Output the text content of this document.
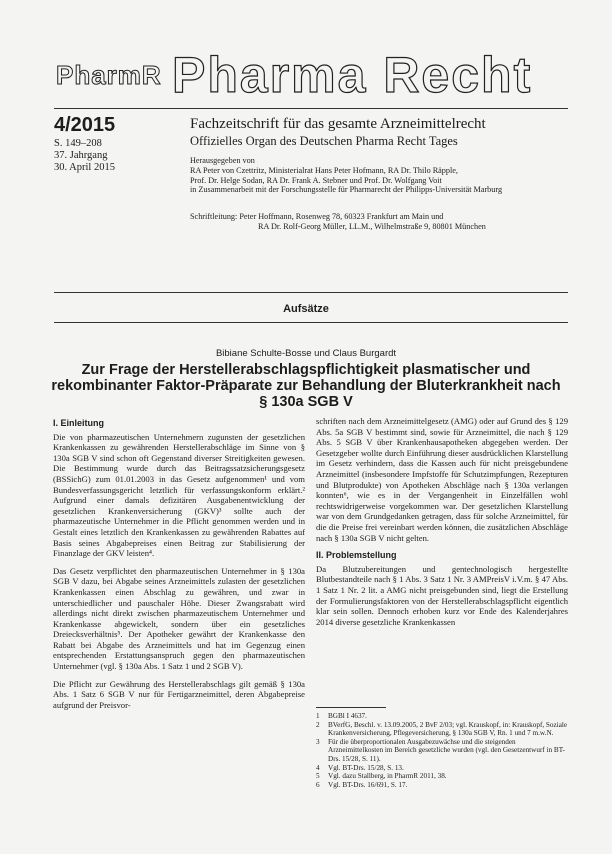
PharmR Pharma Recht
4/2015
S. 149–208
37. Jahrgang
30. April 2015
Fachzeitschrift für das gesamte Arzneimittelrecht
Offizielles Organ des Deutschen Pharma Recht Tages
Herausgegeben von
RA Peter von Czettritz, Ministerialrat Hans Peter Hofmann, RA Dr. Thilo Räpple,
Prof. Dr. Helge Sodan, RA Dr. Frank A. Stebner und Prof. Dr. Wolfgang Voit
in Zusammenarbeit mit der Forschungsstelle für Pharmarecht der Philipps-Universität Marburg
Schriftleitung: Peter Hoffmann, Rosenweg 78, 60323 Frankfurt am Main und
RA Dr. Rolf-Georg Müller, LL.M., Wilhelmstraße 9, 80801 München
Aufsätze
Bibiane Schulte-Bosse und Claus Burgardt
Zur Frage der Herstellerabschlagspflichtigkeit plasmatischer und rekombinanter Faktor-Präparate zur Behandlung der Bluterkrankheit nach § 130a SGB V
I. Einleitung

Die von pharmazeutischen Unternehmern zugunsten der gesetzlichen Krankenkassen zu gewährenden Herstellerabschläge im Sinne von § 130a SGB V sind schon oft Gegenstand diverser Streitigkeiten gewesen. Die Bestimmung wurde durch das Beitragssatzsicherungsgesetz (BSSichG) zum 01.01.2003 in das Gesetz aufgenommen¹ und vom Bundesverfassungsgericht letztlich für verfassungskonform erklärt.² Aufgrund einer damals defizitären Ausgabenentwicklung der gesetzlichen Krankenversicherung (GKV)³ sollte auch der pharmazeutische Unternehmer in die Pflicht genommen werden und in Gestalt eines letztlich den Krankenkassen zu gewährenden Rabattes auf Basis seines Abgabepreises einen Beitrag zur Stabilisierung der Finanzlage der GKV leisten⁴.

Das Gesetz verpflichtet den pharmazeutischen Unternehmer in § 130a SGB V dazu, bei Abgabe seines Arzneimittels zulasten der gesetzlichen Krankenkassen einen Abschlag zu gewähren, und zwar in unterschiedlicher und pauschaler Höhe. Dieser Zwangsrabatt wird allerdings nicht direkt zwischen pharmazeutischem Unternehmer und Krankenkasse abgewickelt, sondern über ein gesetzliches Dreiecksverhältnis⁵. Der Apotheker gewährt der Krankenkasse den Rabatt bei Abgabe des Arzneimittels und hat im Gegenzug einen entsprechenden Erstattungsanspruch gegen den pharmazeutischen Unternehmer (vgl. § 130a Abs. 1 Satz 1 und 2 SGB V).

Die Pflicht zur Gewährung des Herstellerabschlags gilt gemäß § 130a Abs. 1 Satz 6 SGB V nur für Fertigarzneimittel, deren Abgabepreise aufgrund der Preisvor-

schriften nach dem Arzneimittelgesetz (AMG) oder auf Grund des § 129 Abs. 5a SGB V bestimmt sind, sowie für Arzneimittel, die nach § 129 Abs. 5 SGB V über Krankenhausapotheken abgegeben werden. Der Gesetzgeber wollte durch Einführung dieser ausdrücklichen Klarstellung im Gesetz verhindern, dass die Kassen auch für nicht preisgebundene Arzneimittel (insbesondere Impfstoffe für Schutzimpfungen, Rezepturen und Blutprodukte) von Apotheken Abschläge nach § 130a verlangen konnten⁶, wie es in der Vergangenheit in Einzelfällen wohl rechtswidrigerweise vorgekommen war. Der gesetzlichen Klarstellung war von dem Grundgedanken getragen, dass für solche Arzneimittel, für die die Preise frei vereinbart werden können, die zusätzlichen Abschläge nach § 130a SGB V nicht gelten.

II. Problemstellung

Da Blutzubereitungen und gentechnologisch hergestellte Blutbestandteile nach § 1 Abs. 3 Satz 1 Nr. 3 AMPreisV i.V.m. § 47 Abs. 1 Satz 1 Nr. 2 lit. a AMG nicht preisgebunden sind, liegt die Erstellung der Formulierungsfaktoren von der Herstellerabschlagspflicht eigentlich klar sein sollen. Dennoch erhoben kurz vor Ende des Kalenderjahres 2014 diverse gesetzliche Krankenkassen

1	BGBl I 4637.
2	BVerfG, Beschl. v. 13.09.2005, 2 BvF 2/03; vgl. Krauskopf, in: Krauskopf, Soziale Krankenversicherung, Pflegeversicherung, § 130a SGB V, Rn. 1 und 7 m.w.N.
3	Für die überproportionalen Ausgabezuwächse und die steigenden Arzneimittelkosten im Bereich gesetzliche wurden (vgl. den Gesetzentwurf in BT-Drs. 15/28, S. 11).
4	Vgl. BT-Drs. 15/28, S. 13.
5	Vgl. dazu Stallberg, in PharmR 2011, 38.
6	Vgl. BT-Drs. 16/691, S. 17.
